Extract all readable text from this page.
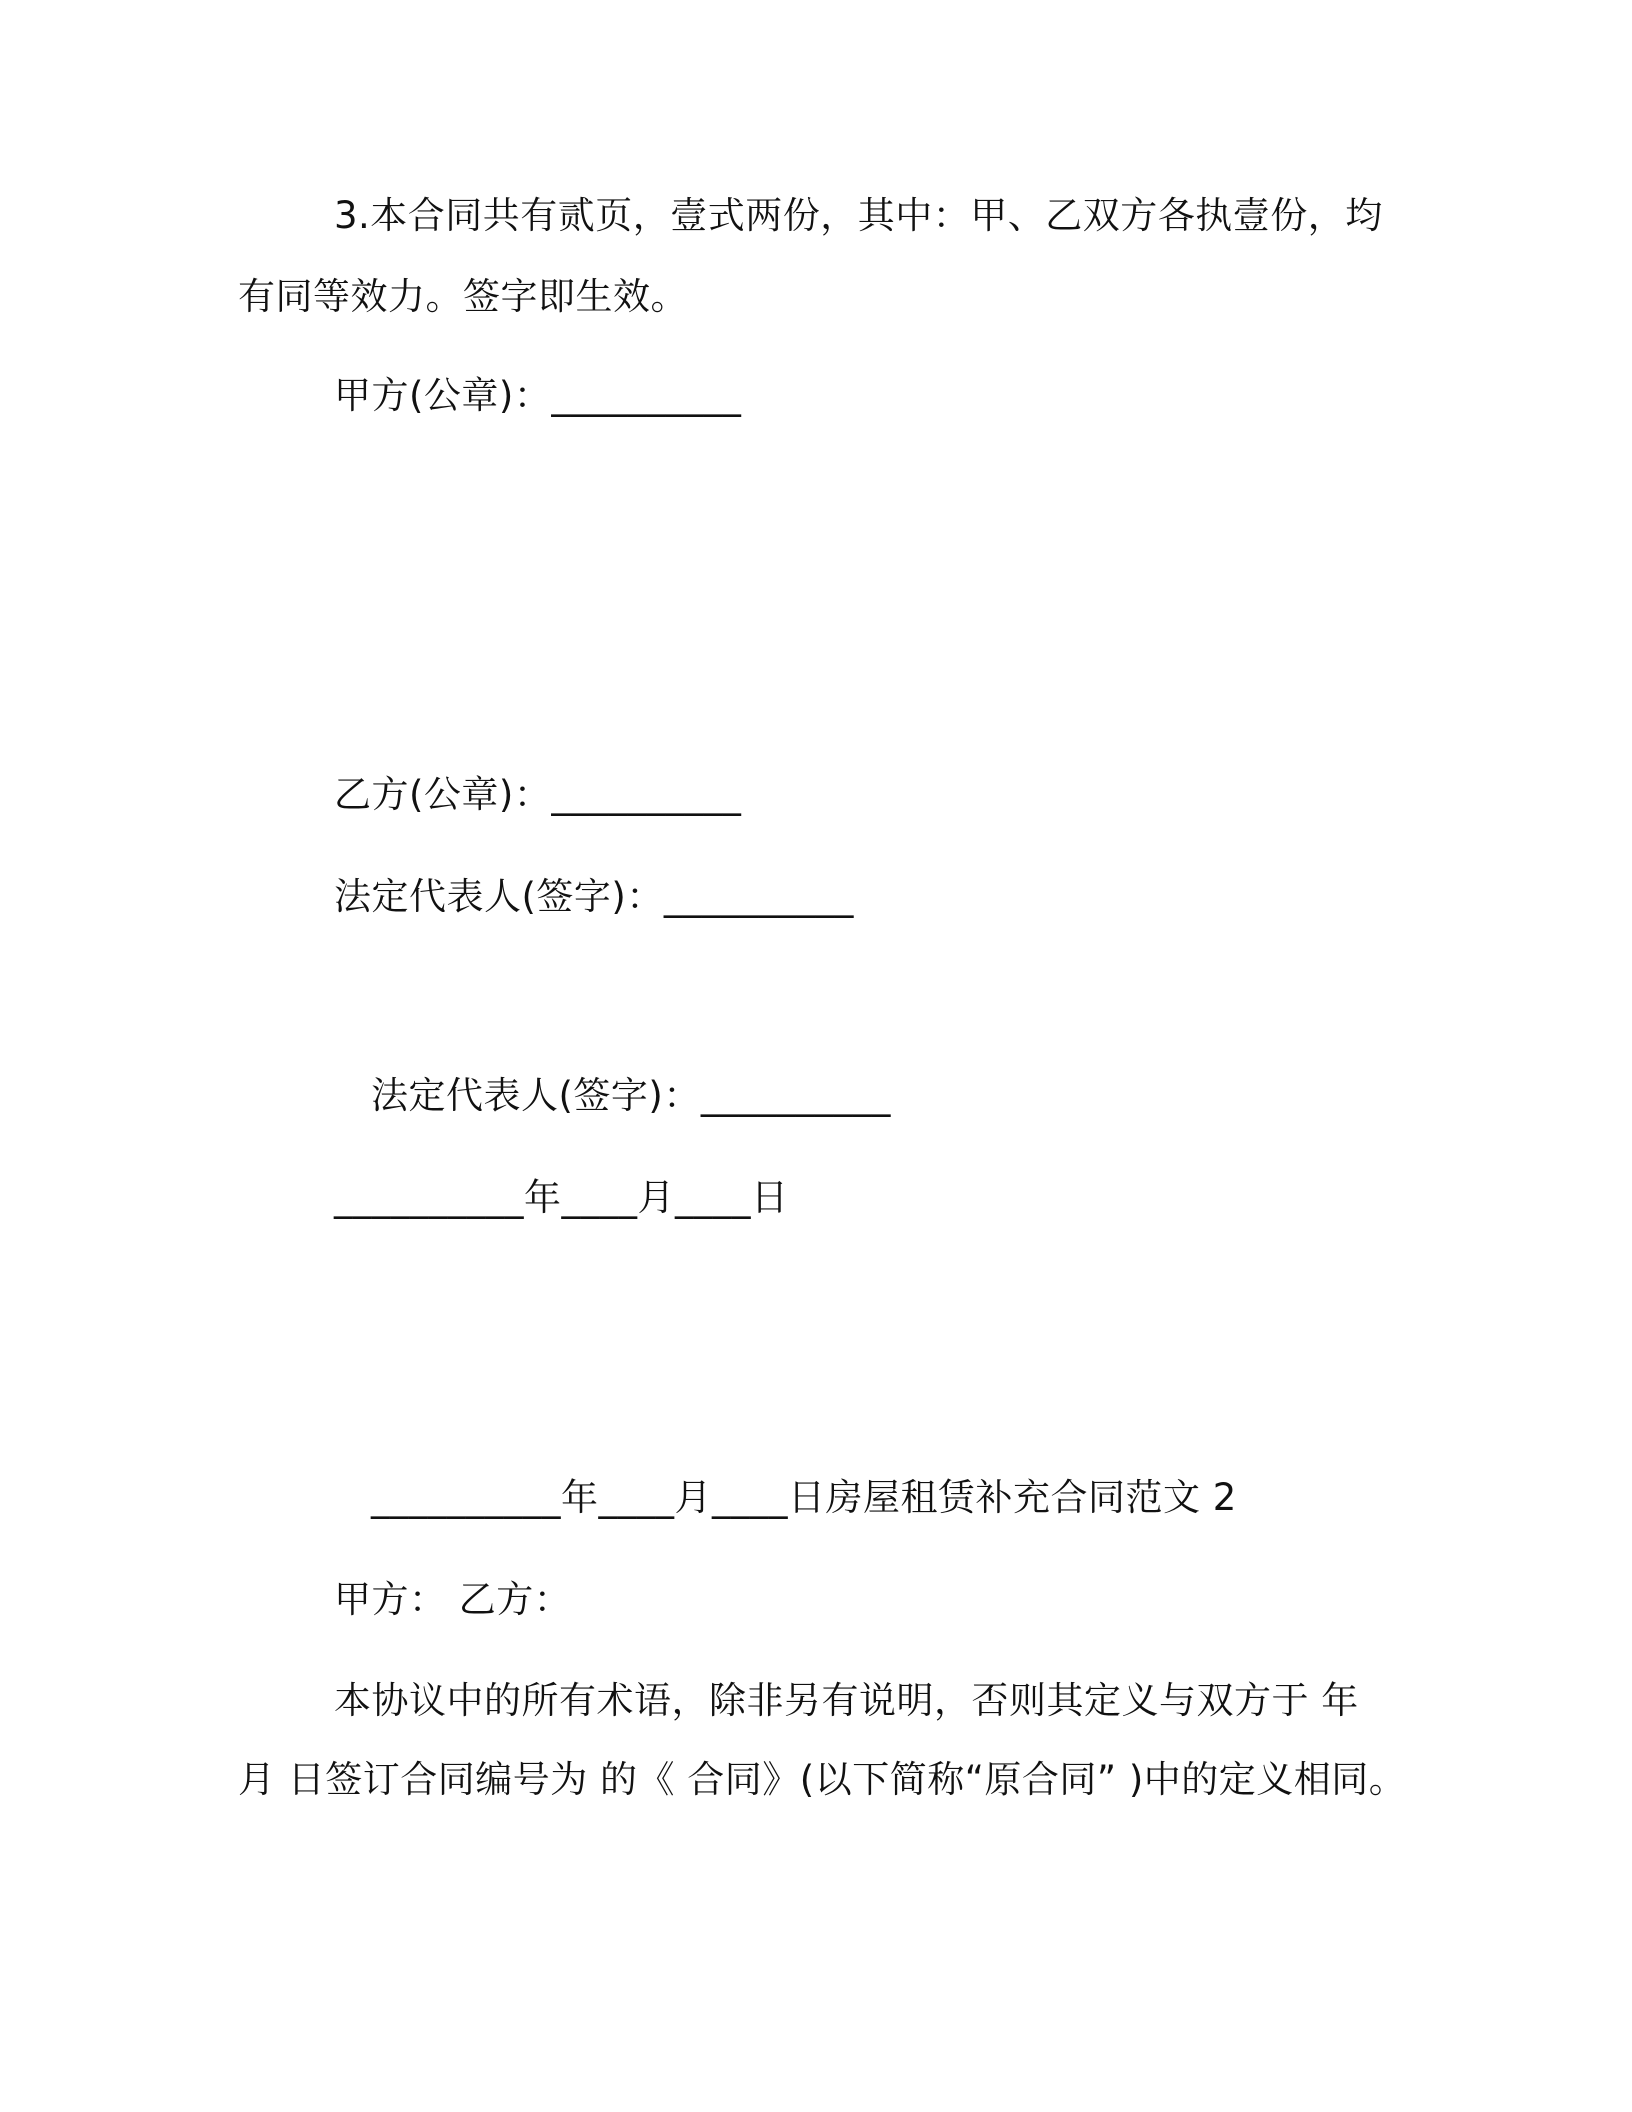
3.本合同共有贰页，壹式两份，其中：甲、乙双方各执壹份，均
有同等效力。签字即生效。
甲方(公章)：__________
乙方(公章)：__________
法定代表人(签字)：__________
法定代表人(签字)：__________
__________年____月____日
__________年____月____日房屋租赁补充合同范文 2
甲方： 乙方：
本协议中的所有术语，除非另有说明，否则其定义与双方于 年
月 日签订合同编号为 的《 合同》(以下简称“原合同” )中的定义相同。
